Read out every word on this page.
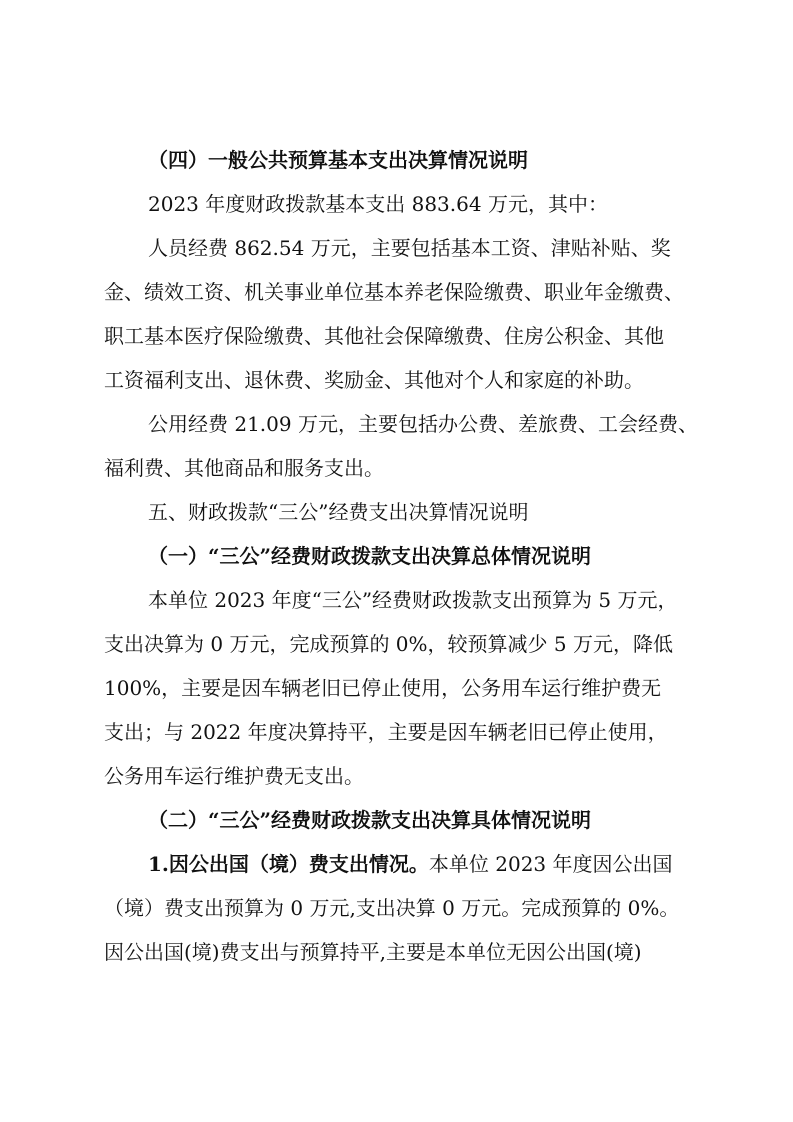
（四）一般公共预算基本支出决算情况说明
2023 年度财政拨款基本支出 883.64 万元，其中：
人员经费 862.54 万元，主要包括基本工资、津贴补贴、奖
金、绩效工资、机关事业单位基本养老保险缴费、职业年金缴费、
职工基本医疗保险缴费、其他社会保障缴费、住房公积金、其他
工资福利支出、退休费、奖励金、其他对个人和家庭的补助。
公用经费 21.09 万元，主要包括办公费、差旅费、工会经费、
福利费、其他商品和服务支出。
五、财政拨款“三公”经费支出决算情况说明
（一）“三公”经费财政拨款支出决算总体情况说明
本单位 2023 年度“三公”经费财政拨款支出预算为 5 万元，
支出决算为 0 万元，完成预算的 0%，较预算减少 5 万元，降低
100%，主要是因车辆老旧已停止使用，公务用车运行维护费无
支出；与 2022 年度决算持平，主要是因车辆老旧已停止使用，
公务用车运行维护费无支出。
（二）“三公”经费财政拨款支出决算具体情况说明
1.因公出国（境）费支出情况。本单位 2023 年度因公出国
（境）费支出预算为 0 万元,支出决算 0 万元。完成预算的 0%。
因公出国(境)费支出与预算持平,主要是本单位无因公出国(境)
